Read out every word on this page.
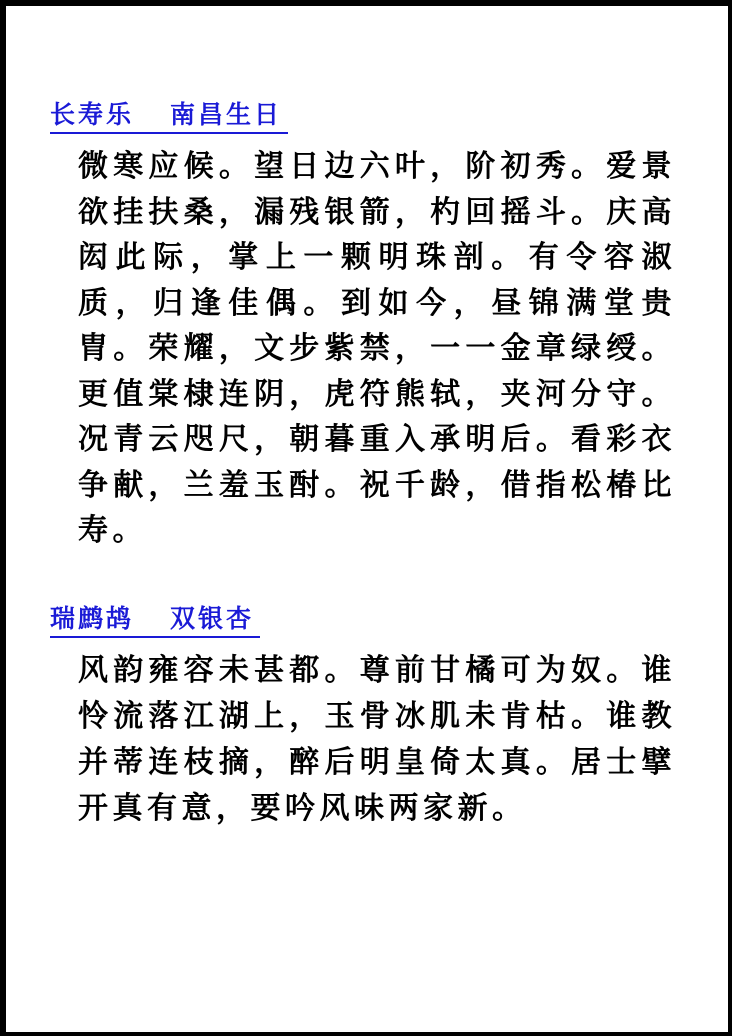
长寿乐 南昌生日
微寒应候。望日边六叶，阶初秀。爱景欲挂扶桑，漏残银箭，杓回摇斗。庆高闳此际，掌上一颗明珠剖。有令容淑质，归逢佳偶。到如今，昼锦满堂贵胄。荣耀，文步紫禁，一一金章绿绶。更值棠棣连阴，虎符熊轼，夹河分守。况青云咫尺，朝暮重入承明后。看彩衣争献，兰羞玉酎。祝千龄，借指松椿比寿。
瑞鹧鸪 双银杏
风韵雍容未甚都。尊前甘橘可为奴。谁怜流落江湖上，玉骨冰肌未肯枯。谁教并蒂连枝摘，醉后明皇倚太真。居士擘开真有意，要吟风味两家新。
